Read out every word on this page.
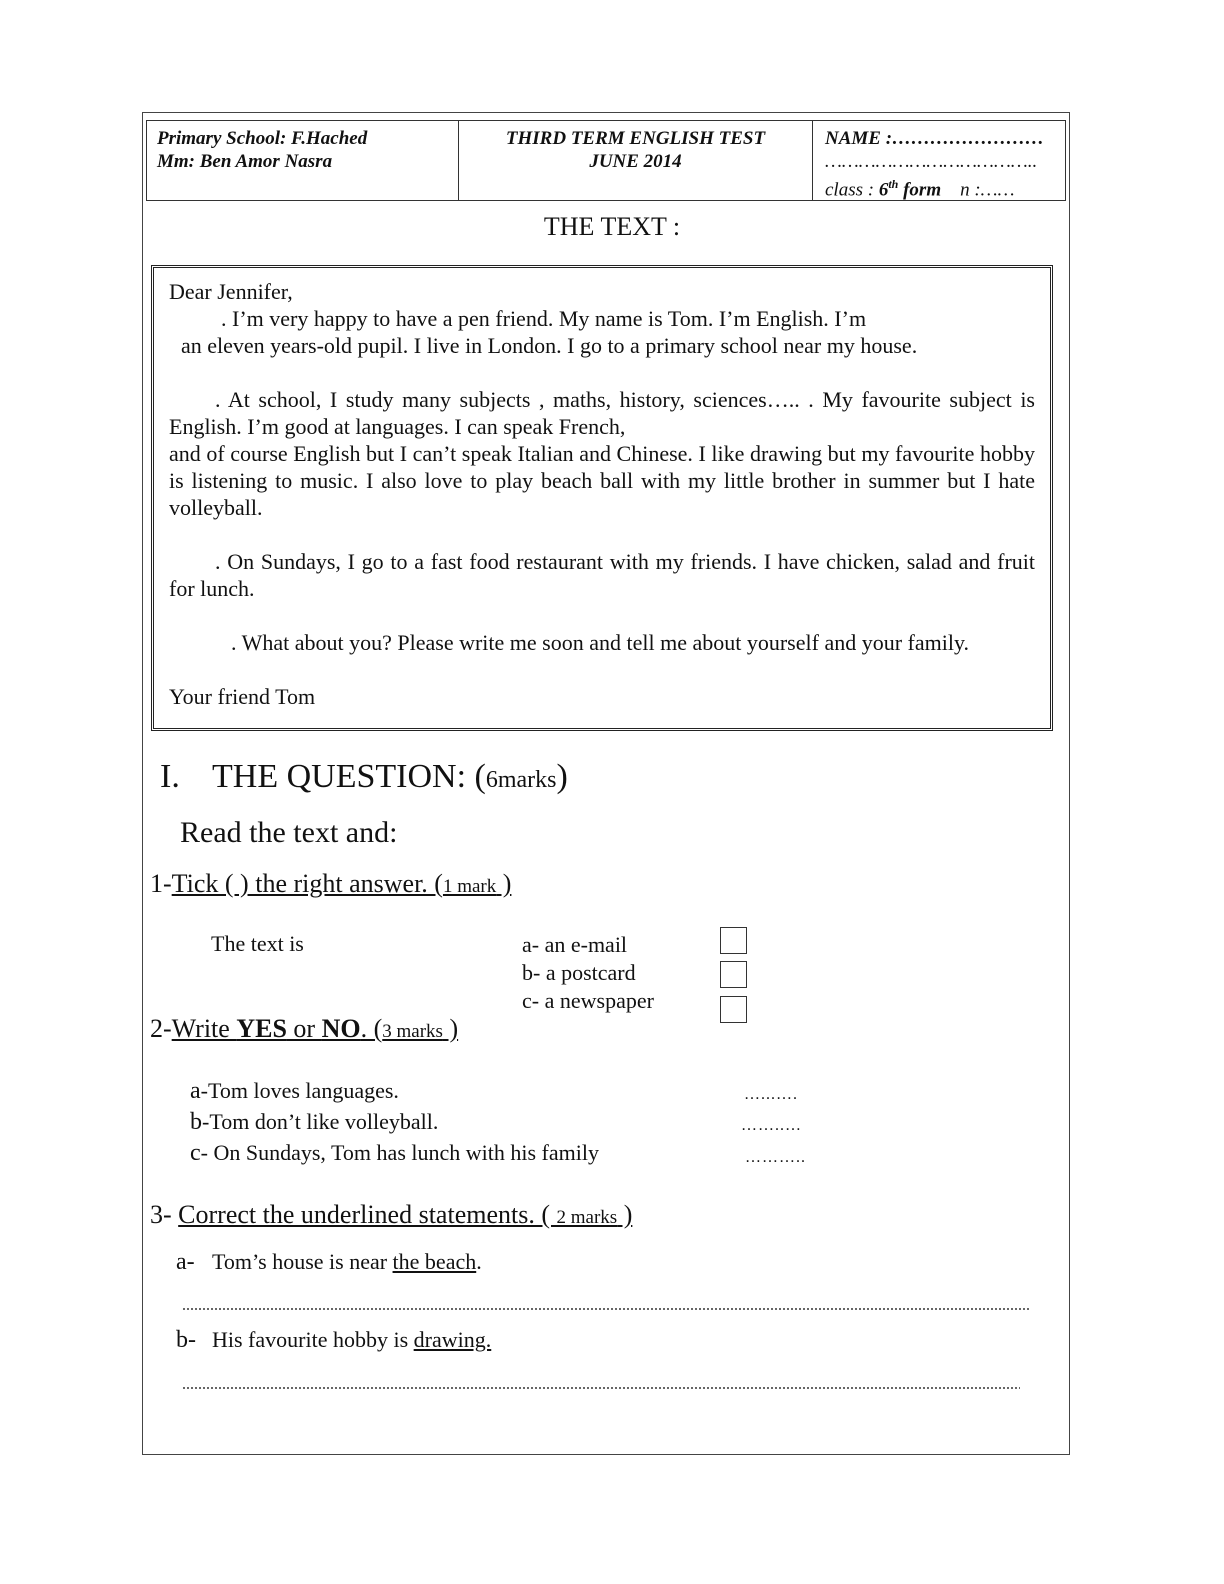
Primary School: F.Hached
Mm: Ben Amor Nasra
THIRD TERM ENGLISH TEST
JUNE 2014
NAME :……………………
………………………………..
class : 6th form n :……
THE TEXT :

Dear Jennifer,

. I’m very happy to have a pen friend. My name is Tom. I’m English. I’m

an eleven years-old pupil. I live in London. I go to a primary school near my house.

. At school, I study many subjects , maths, history, sciences….. . My favourite subject is English. I’m good at languages. I can speak French,

and of course English but I can’t speak Italian and Chinese. I like drawing but my favourite hobby is listening to music. I also love to play beach ball with my little brother in summer but I hate volleyball.

. On Sundays, I go to a fast food restaurant with my friends. I have chicken, salad and fruit for lunch.

. What about you? Please write me soon and tell me about yourself and your family.

Your friend Tom

I. THE QUESTION: (6marks)
Read the text and:
1-Tick ( ) the right answer. (1 mark )
The text is	a- an e-mail
b- a postcard
c- a newspaper
2-Write YES or NO. (3 marks )
a-Tom loves languages.	…...….
b-Tom don’t like volleyball.	……..…
c- On Sundays, Tom has lunch with his family	………..
3- Correct the underlined statements. ( 2 marks )
a- Tom’s house is near the beach.
b- His favourite hobby is drawing.
